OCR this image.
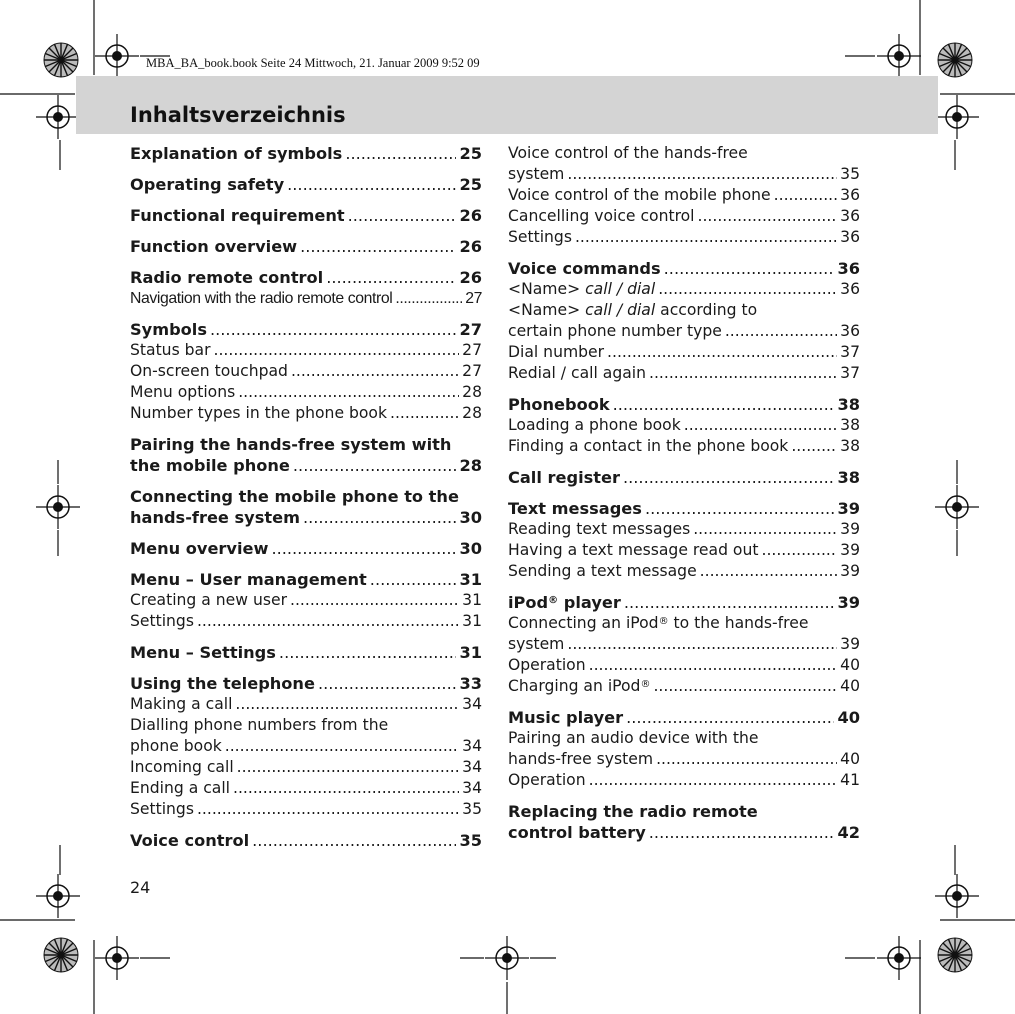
MBA_BA_book.book Seite 24 Mittwoch, 21. Januar 2009 9:52 09
Inhaltsverzeichnis
Explanation of symbols .....	25
Operating safety .....	25
Functional requirement .....	26
Function overview .....	26
Radio remote control .....	26
Navigation with the radio remote control .....	27
Symbols .....	27
Status bar .....	27
On-screen touchpad .....	27
Menu options .....	28
Number types in the phone book .....	28
Pairing the hands-free system with
the mobile phone .....	28
Connecting the mobile phone to the
hands-free system .....	30
Menu overview .....	30
Menu – User management .....	31
Creating a new user .....	31
Settings .....	31
Menu – Settings .....	31
Using the telephone .....	33
Making a call .....	34
Dialling phone numbers from the
phone book .....	34
Incoming call .....	34
Ending a call .....	34
Settings .....	35
Voice control .....	35
Voice control of the hands-free
system .....	35
Voice control of the mobile phone .....	36
Cancelling voice control .....	36
Settings .....	36
Voice commands .....	36
<Name> call / dial .....	36
<Name> call / dial according to
certain phone number type .....	36
Dial number .....	37
Redial / call again .....	37
Phonebook .....	38
Loading a phone book .....	38
Finding a contact in the phone book .....	38
Call register .....	38
Text messages .....	39
Reading text messages .....	39
Having a text message read out .....	39
Sending a text message .....	39
iPod® player .....	39
Connecting an iPod® to the hands-free
system .....	39
Operation .....	40
Charging an iPod® .....	40
Music player .....	40
Pairing an audio device with the
hands-free system .....	40
Operation .....	41
Replacing the radio remote
control battery .....	42
24
